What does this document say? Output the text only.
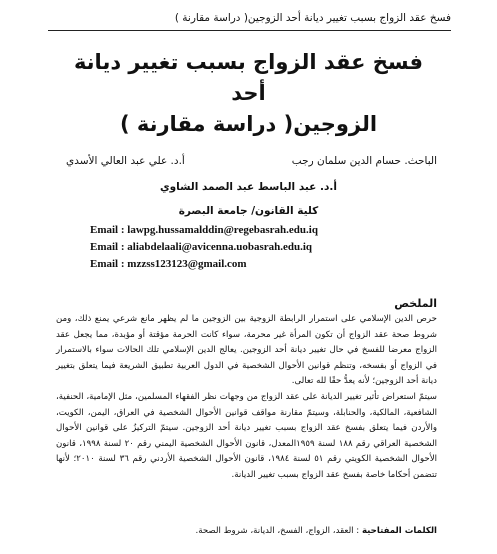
فسخ عقد الزواج بسبب تغيير ديانة أحد الزوجين( دراسة مقارنة )
فسخ عقد الزواج بسبب تغيير ديانة أحد
الزوجين( دراسة مقارنة )
الباحث. حسام الدين سلمان رجب
أ.د. علي عبد العالي الأسدي
أ.د. عبد الباسط عبد الصمد الشاوي
كلية القانون/ جامعة البصرة
Email : lawpg.hussamalddin@regebasrah.edu.iq
Email : aliabdelaali@avicenna.uobasrah.edu.iq
Email : mzzss123123@gmail.com
الملخص

حرص الدين الإسلامي على استمرار الرابطة الزوجية بين الزوجين ما لم يظهر مانع شرعي يمنع ذلك، ومن شروط صحة عقد الزواج أن تكون المرأة غير محرمة، سواء كانت الحرمة مؤقتة أو مؤبدة، مما يجعل عقد الزواج معرضا للفسخ في حال تغيير ديانة أحد الزوجين. يعالج الدين الإسلامي تلك الحالات سواء بالاستمرار في الزواج أو بفسخه، وتنظم قوانين الأحوال الشخصية في الدول العربية تطبيق الشريعة فيما يتعلق بتغيير ديانة أحد الزوجين؛ لأنه يعدُّ حقًا لله تعالى.

سيتمّ استعراض تأثير تغيير الديانة على عقد الزواج من وجهات نظر الفقهاء المسلمين، مثل الإمامية، الحنفية، الشافعية، المالكية، والحنابلة، وسيتمّ مقارنة مواقف قوانين الأحوال الشخصية في العراق، اليمن، الكويت، والأردن فيما يتعلق بفسخ عقد الزواج بسبب تغيير ديانة أحد الزوجين. سيتمّ التركيزُ على قوانين الأحوال الشخصية العراقي رقم ١٨٨ لسنة ١٩٥٩المعدل، قانون الأحوال الشخصية اليمني رقم ٢٠ لسنة ١٩٩٨، قانون الأحوال الشخصية الكويتي رقم ٥١ لسنة ١٩٨٤، قانون الأحوال الشخصية الأردني رقم ٣٦ لسنة ٢٠١٠؛ لأنها تتضمن أحكاما خاصة بفسخ عقد الزواج بسبب تغيير الديانة.

الكلمات المفتاحية : العقد، الزواج، الفسخ، الديانة، شروط الصحة.
